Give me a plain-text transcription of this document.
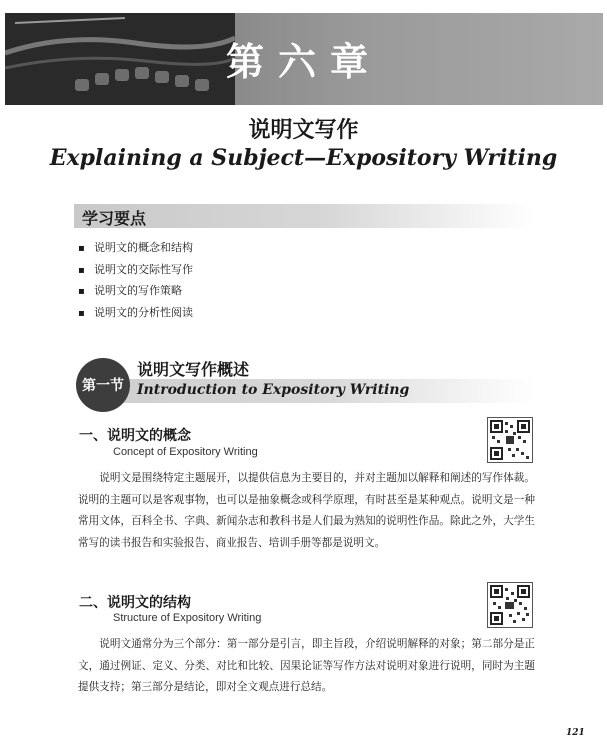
第六章
说明文写作
Explaining a Subject—Expository Writing
学习要点
▪ 说明文的概念和结构
▪ 说明文的交际性写作
▪ 说明文的写作策略
▪ 说明文的分析性阅读
第一节
说明文写作概述
Introduction to Expository Writing
一、说明文的概念
Concept of Expository Writing

说明文是围绕特定主题展开，以提供信息为主要目的，并对主题加以解释和阐述的写作体裁。说明的主题可以是客观事物，也可以是抽象概念或科学原理，有时甚至是某种观点。说明文是一种常用文体，百科全书、字典、新闻杂志和教科书是人们最为熟知的说明性作品。除此之外，大学生常写的读书报告和实验报告、商业报告、培训手册等都是说明文。

二、说明文的结构
Structure of Expository Writing

说明文通常分为三个部分：第一部分是引言，即主旨段，介绍说明解释的对象；第二部分是正文，通过例证、定义、分类、对比和比较、因果论证等写作方法对说明对象进行说明，同时为主题提供支持；第三部分是结论，即对全文观点进行总结。

121
